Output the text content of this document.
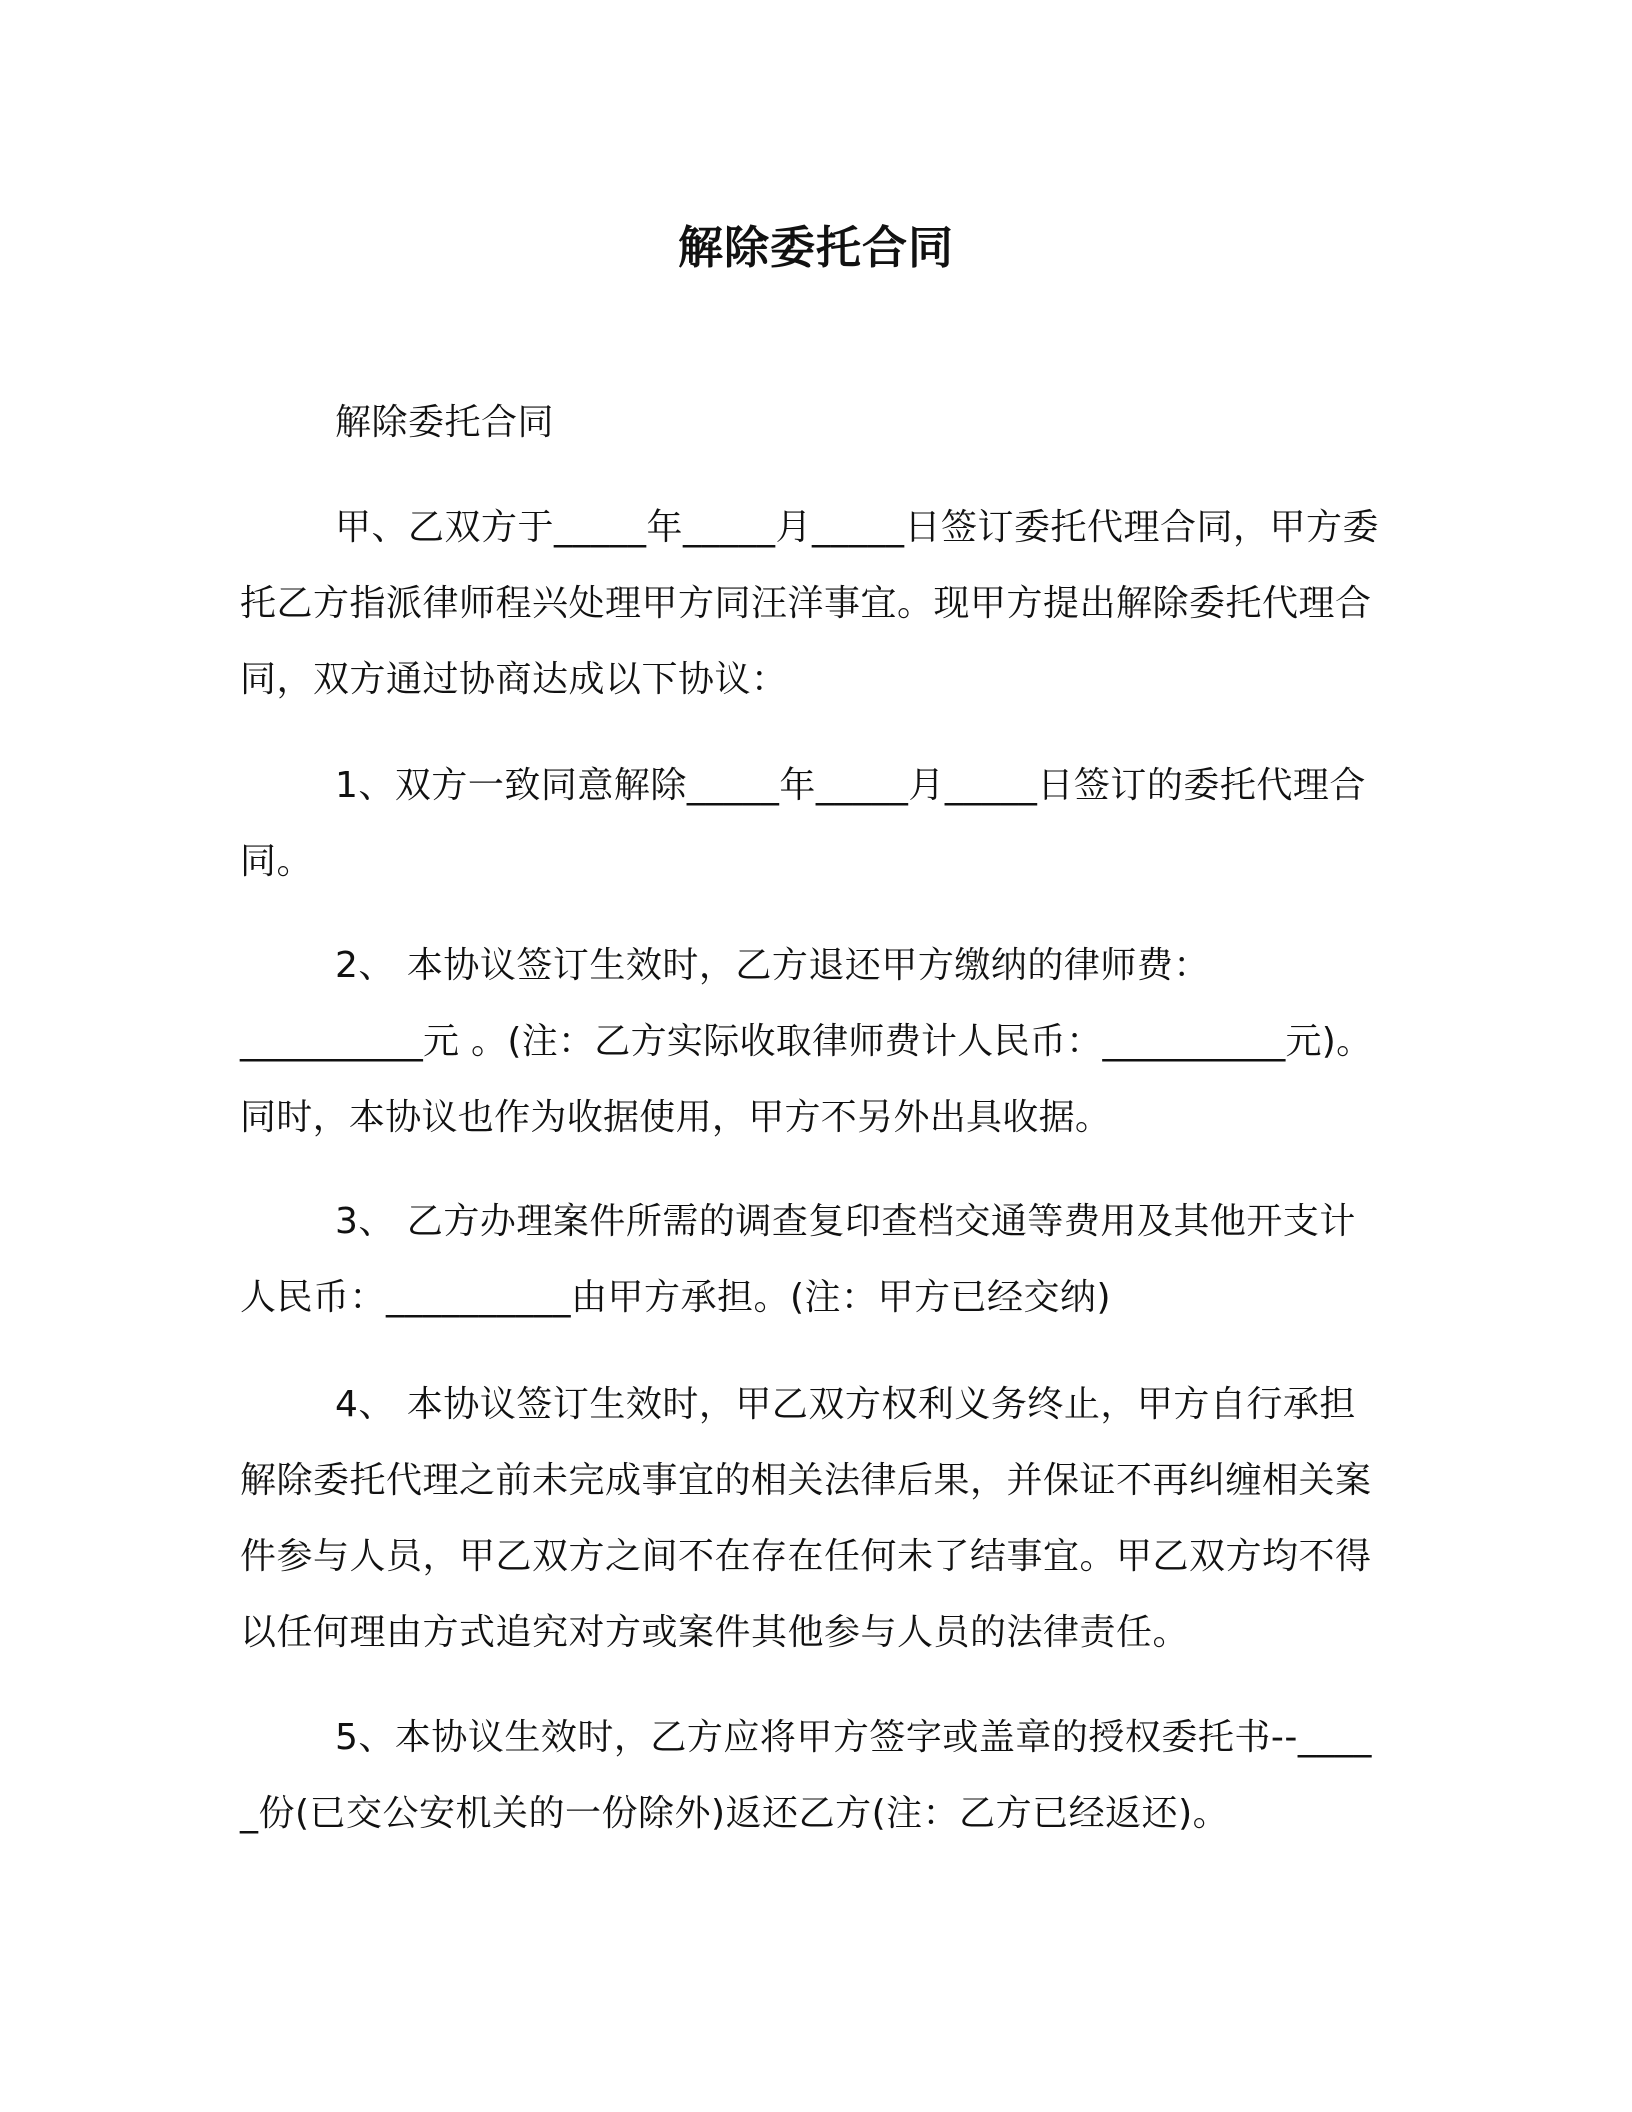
解除委托合同
解除委托合同

甲、乙双方于_____年_____月_____日签订委托代理合同，甲方委托乙方指派律师程兴处理甲方同汪洋事宜。现甲方提出解除委托代理合同，双方通过协商达成以下协议：

1、双方一致同意解除_____年_____月_____日签订的委托代理合同。

2、 本协议签订生效时，乙方退还甲方缴纳的律师费：
__________元 。(注：乙方实际收取律师费计人民币：__________元)。同时，本协议也作为收据使用，甲方不另外出具收据。

3、 乙方办理案件所需的调查复印查档交通等费用及其他开支计人民币：__________由甲方承担。(注：甲方已经交纳)

4、 本协议签订生效时，甲乙双方权利义务终止，甲方自行承担解除委托代理之前未完成事宜的相关法律后果，并保证不再纠缠相关案件参与人员，甲乙双方之间不在存在任何未了结事宜。甲乙双方均不得以任何理由方式追究对方或案件其他参与人员的法律责任。

5、本协议生效时，乙方应将甲方签字或盖章的授权委托书--_____份(已交公安机关的一份除外)返还乙方(注：乙方已经返还)。
